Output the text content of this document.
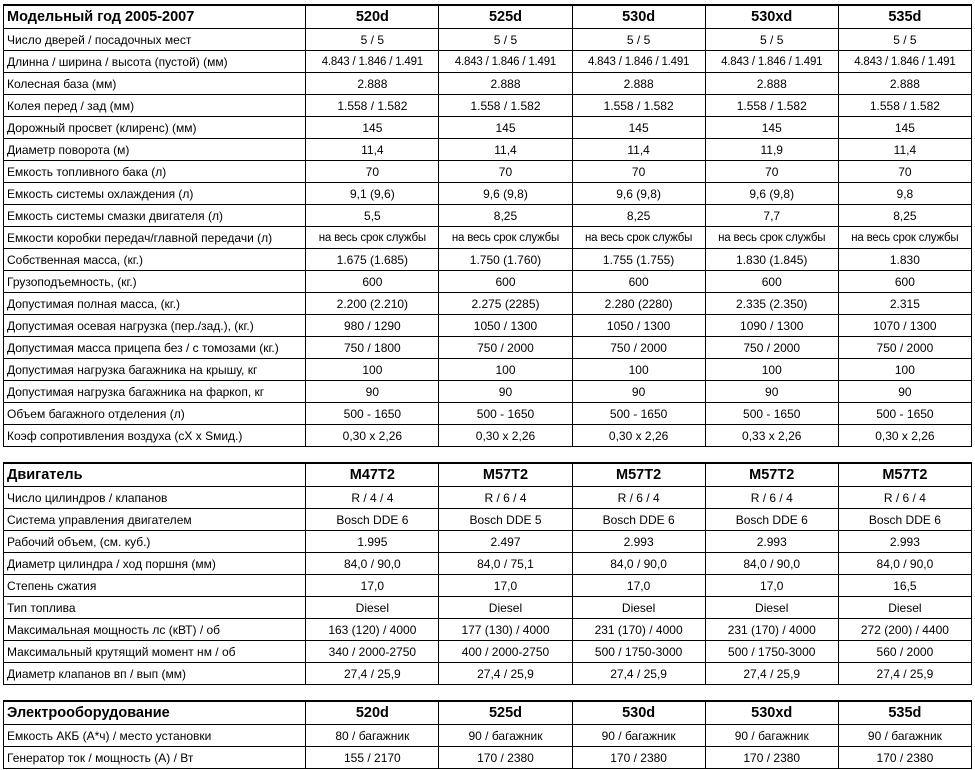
Модельный год 2005-2007	520d	525d	530d	530xd	535d
Число дверей / посадочных мест	5 / 5	5 / 5	5 / 5	5 / 5	5 / 5
Длинна / ширина / высота (пустой) (мм)	4.843 / 1.846 / 1.491	4.843 / 1.846 / 1.491	4.843 / 1.846 / 1.491	4.843 / 1.846 / 1.491	4.843 / 1.846 / 1.491
Колесная база (мм)	2.888	2.888	2.888	2.888	2.888
Колея перед / зад (мм)	1.558 / 1.582	1.558 / 1.582	1.558 / 1.582	1.558 / 1.582	1.558 / 1.582
Дорожный просвет (клиренс) (мм)	145	145	145	145	145
Диаметр поворота (м)	11,4	11,4	11,4	11,9	11,4
Емкость топливного бака (л)	70	70	70	70	70
Емкость системы охлаждения (л)	9,1 (9,6)	9,6 (9,8)	9,6 (9,8)	9,6 (9,8)	9,8
Емкость системы смазки двигателя (л)	5,5	8,25	8,25	7,7	8,25
Емкости коробки передач/главной передачи (л)	на весь срок службы	на весь срок службы	на весь срок службы	на весь срок службы	на весь срок службы
Собственная масса, (кг.)	1.675 (1.685)	1.750 (1.760)	1.755 (1.755)	1.830 (1.845)	1.830
Грузоподъемность, (кг.)	600	600	600	600	600
Допустимая полная масса, (кг.)	2.200 (2.210)	2.275 (2285)	2.280 (2280)	2.335 (2.350)	2.315
Допустимая осевая нагрузка (пер./зад.), (кг.)	980 / 1290	1050 / 1300	1050 / 1300	1090 / 1300	1070 / 1300
Допустимая масса прицепа без / с томозами (кг.)	750 / 1800	750 / 2000	750 / 2000	750 / 2000	750 / 2000
Допустимая нагрузка багажника на крышу, кг	100	100	100	100	100
Допустимая нагрузка багажника на фаркоп, кг	90	90	90	90	90
Объем багажного отделения (л)	500 - 1650	500 - 1650	500 - 1650	500 - 1650	500 - 1650
Коэф сопротивления воздуха (cX x Sмид.)	0,30 x 2,26	0,30 x 2,26	0,30 x 2,26	0,33 x 2,26	0,30 x 2,26
Двигатель	M47T2	M57T2	M57T2	M57T2	M57T2
Число цилиндров / клапанов	R / 4 / 4	R / 6 / 4	R / 6 / 4	R / 6 / 4	R / 6 / 4
Система управления двигателем	Bosch DDE 6	Bosch DDE 5	Bosch DDE 6	Bosch DDE 6	Bosch DDE 6
Рабочий объем, (см. куб.)	1.995	2.497	2.993	2.993	2.993
Диаметр цилиндра / ход поршня (мм)	84,0 / 90,0	84,0 / 75,1	84,0 / 90,0	84,0 / 90,0	84,0 / 90,0
Степень сжатия	17,0	17,0	17,0	17,0	16,5
Тип топлива	Diesel	Diesel	Diesel	Diesel	Diesel
Максимальная мощность лс (кВТ) / об	163 (120) / 4000	177 (130) / 4000	231 (170) / 4000	231 (170) / 4000	272 (200) / 4400
Максимальный крутящий момент нм / об	340 / 2000-2750	400 / 2000-2750	500 / 1750-3000	500 / 1750-3000	560 / 2000
Диаметр клапанов вп / вып (мм)	27,4 / 25,9	27,4 / 25,9	27,4 / 25,9	27,4 / 25,9	27,4 / 25,9
Электрооборудование	520d	525d	530d	530xd	535d
Емкость АКБ (А*ч) / место установки	80 / багажник	90 / багажник	90 / багажник	90 / багажник	90 / багажник
Генератор ток / мощность (А) / Вт	155 / 2170	170 / 2380	170 / 2380	170 / 2380	170 / 2380
